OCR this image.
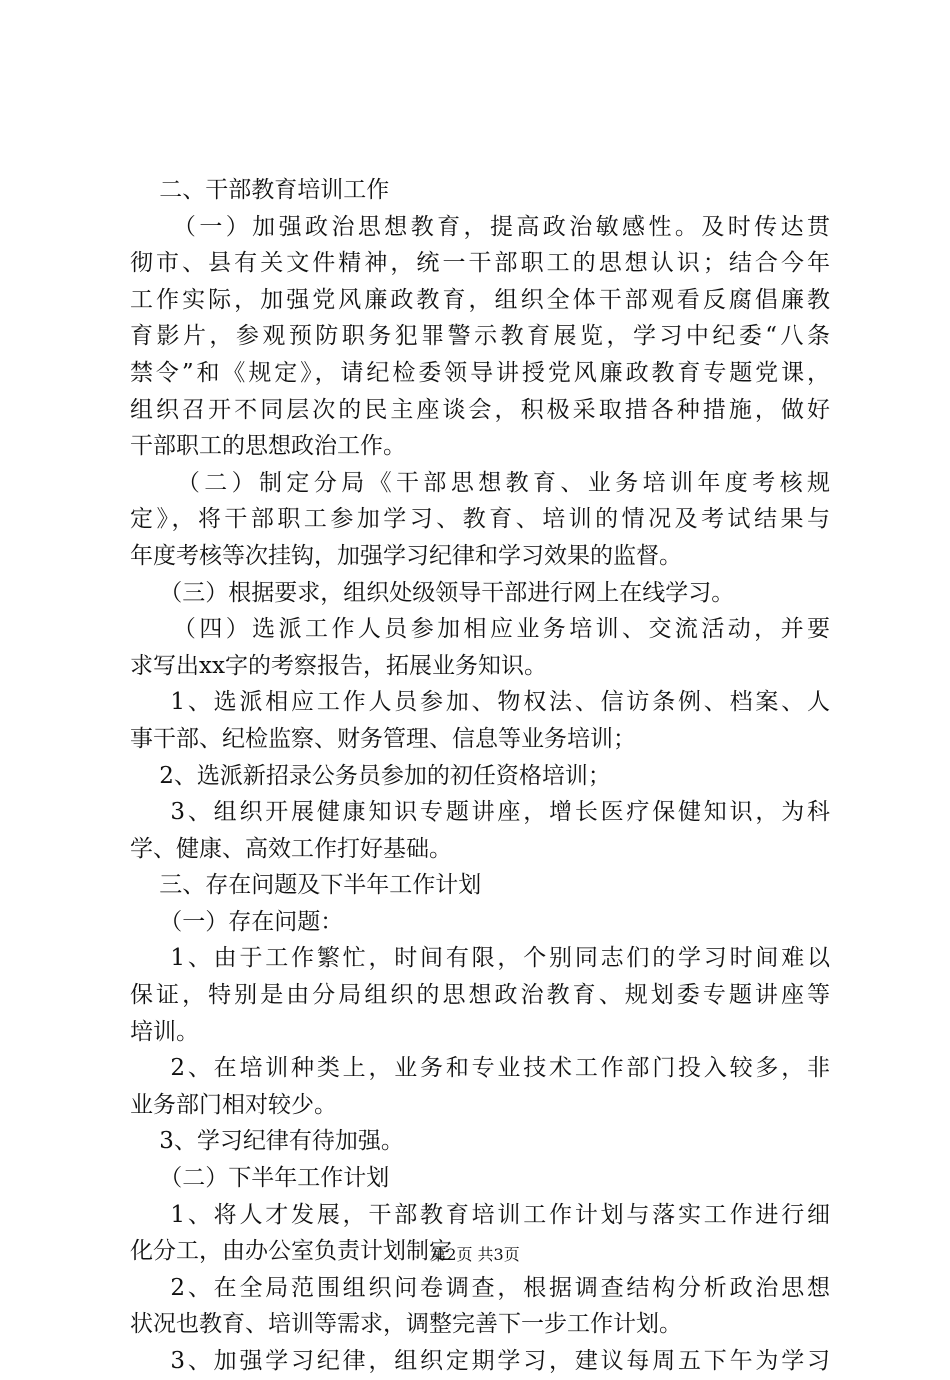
二、干部教育培训工作
（一）加强政治思想教育，提高政治敏感性。及时传达贯
彻市、县有关文件精神，统一干部职工的思想认识；结合今年
工作实际，加强党风廉政教育，组织全体干部观看反腐倡廉教
育影片，参观预防职务犯罪警示教育展览，学习中纪委“八条
禁令”和《规定》，请纪检委领导讲授党风廉政教育专题党课，
组织召开不同层次的民主座谈会，积极采取措各种措施，做好
干部职工的思想政治工作。
（二）制定分局《干部思想教育、业务培训年度考核规
定》，将干部职工参加学习、教育、培训的情况及考试结果与
年度考核等次挂钩，加强学习纪律和学习效果的监督。
（三）根据要求，组织处级领导干部进行网上在线学习。
（四）选派工作人员参加相应业务培训、交流活动，并要
求写出xx字的考察报告，拓展业务知识。
1、选派相应工作人员参加、物权法、信访条例、档案、人
事干部、纪检监察、财务管理、信息等业务培训；
2、选派新招录公务员参加的初任资格培训；
3、组织开展健康知识专题讲座，增长医疗保健知识，为科
学、健康、高效工作打好基础。
三、存在问题及下半年工作计划
（一）存在问题：
1、由于工作繁忙，时间有限，个别同志们的学习时间难以
保证，特别是由分局组织的思想政治教育、规划委专题讲座等
培训。
2、在培训种类上，业务和专业技术工作部门投入较多，非
业务部门相对较少。
3、学习纪律有待加强。
（二）下半年工作计划
1、将人才发展，干部教育培训工作计划与落实工作进行细
化分工，由办公室负责计划制定
2、在全局范围组织问卷调查，根据调查结构分析政治思想
状况也教育、培训等需求，调整完善下一步工作计划。
3、加强学习纪律，组织定期学习，建议每周五下午为学习
第2页 共3页
